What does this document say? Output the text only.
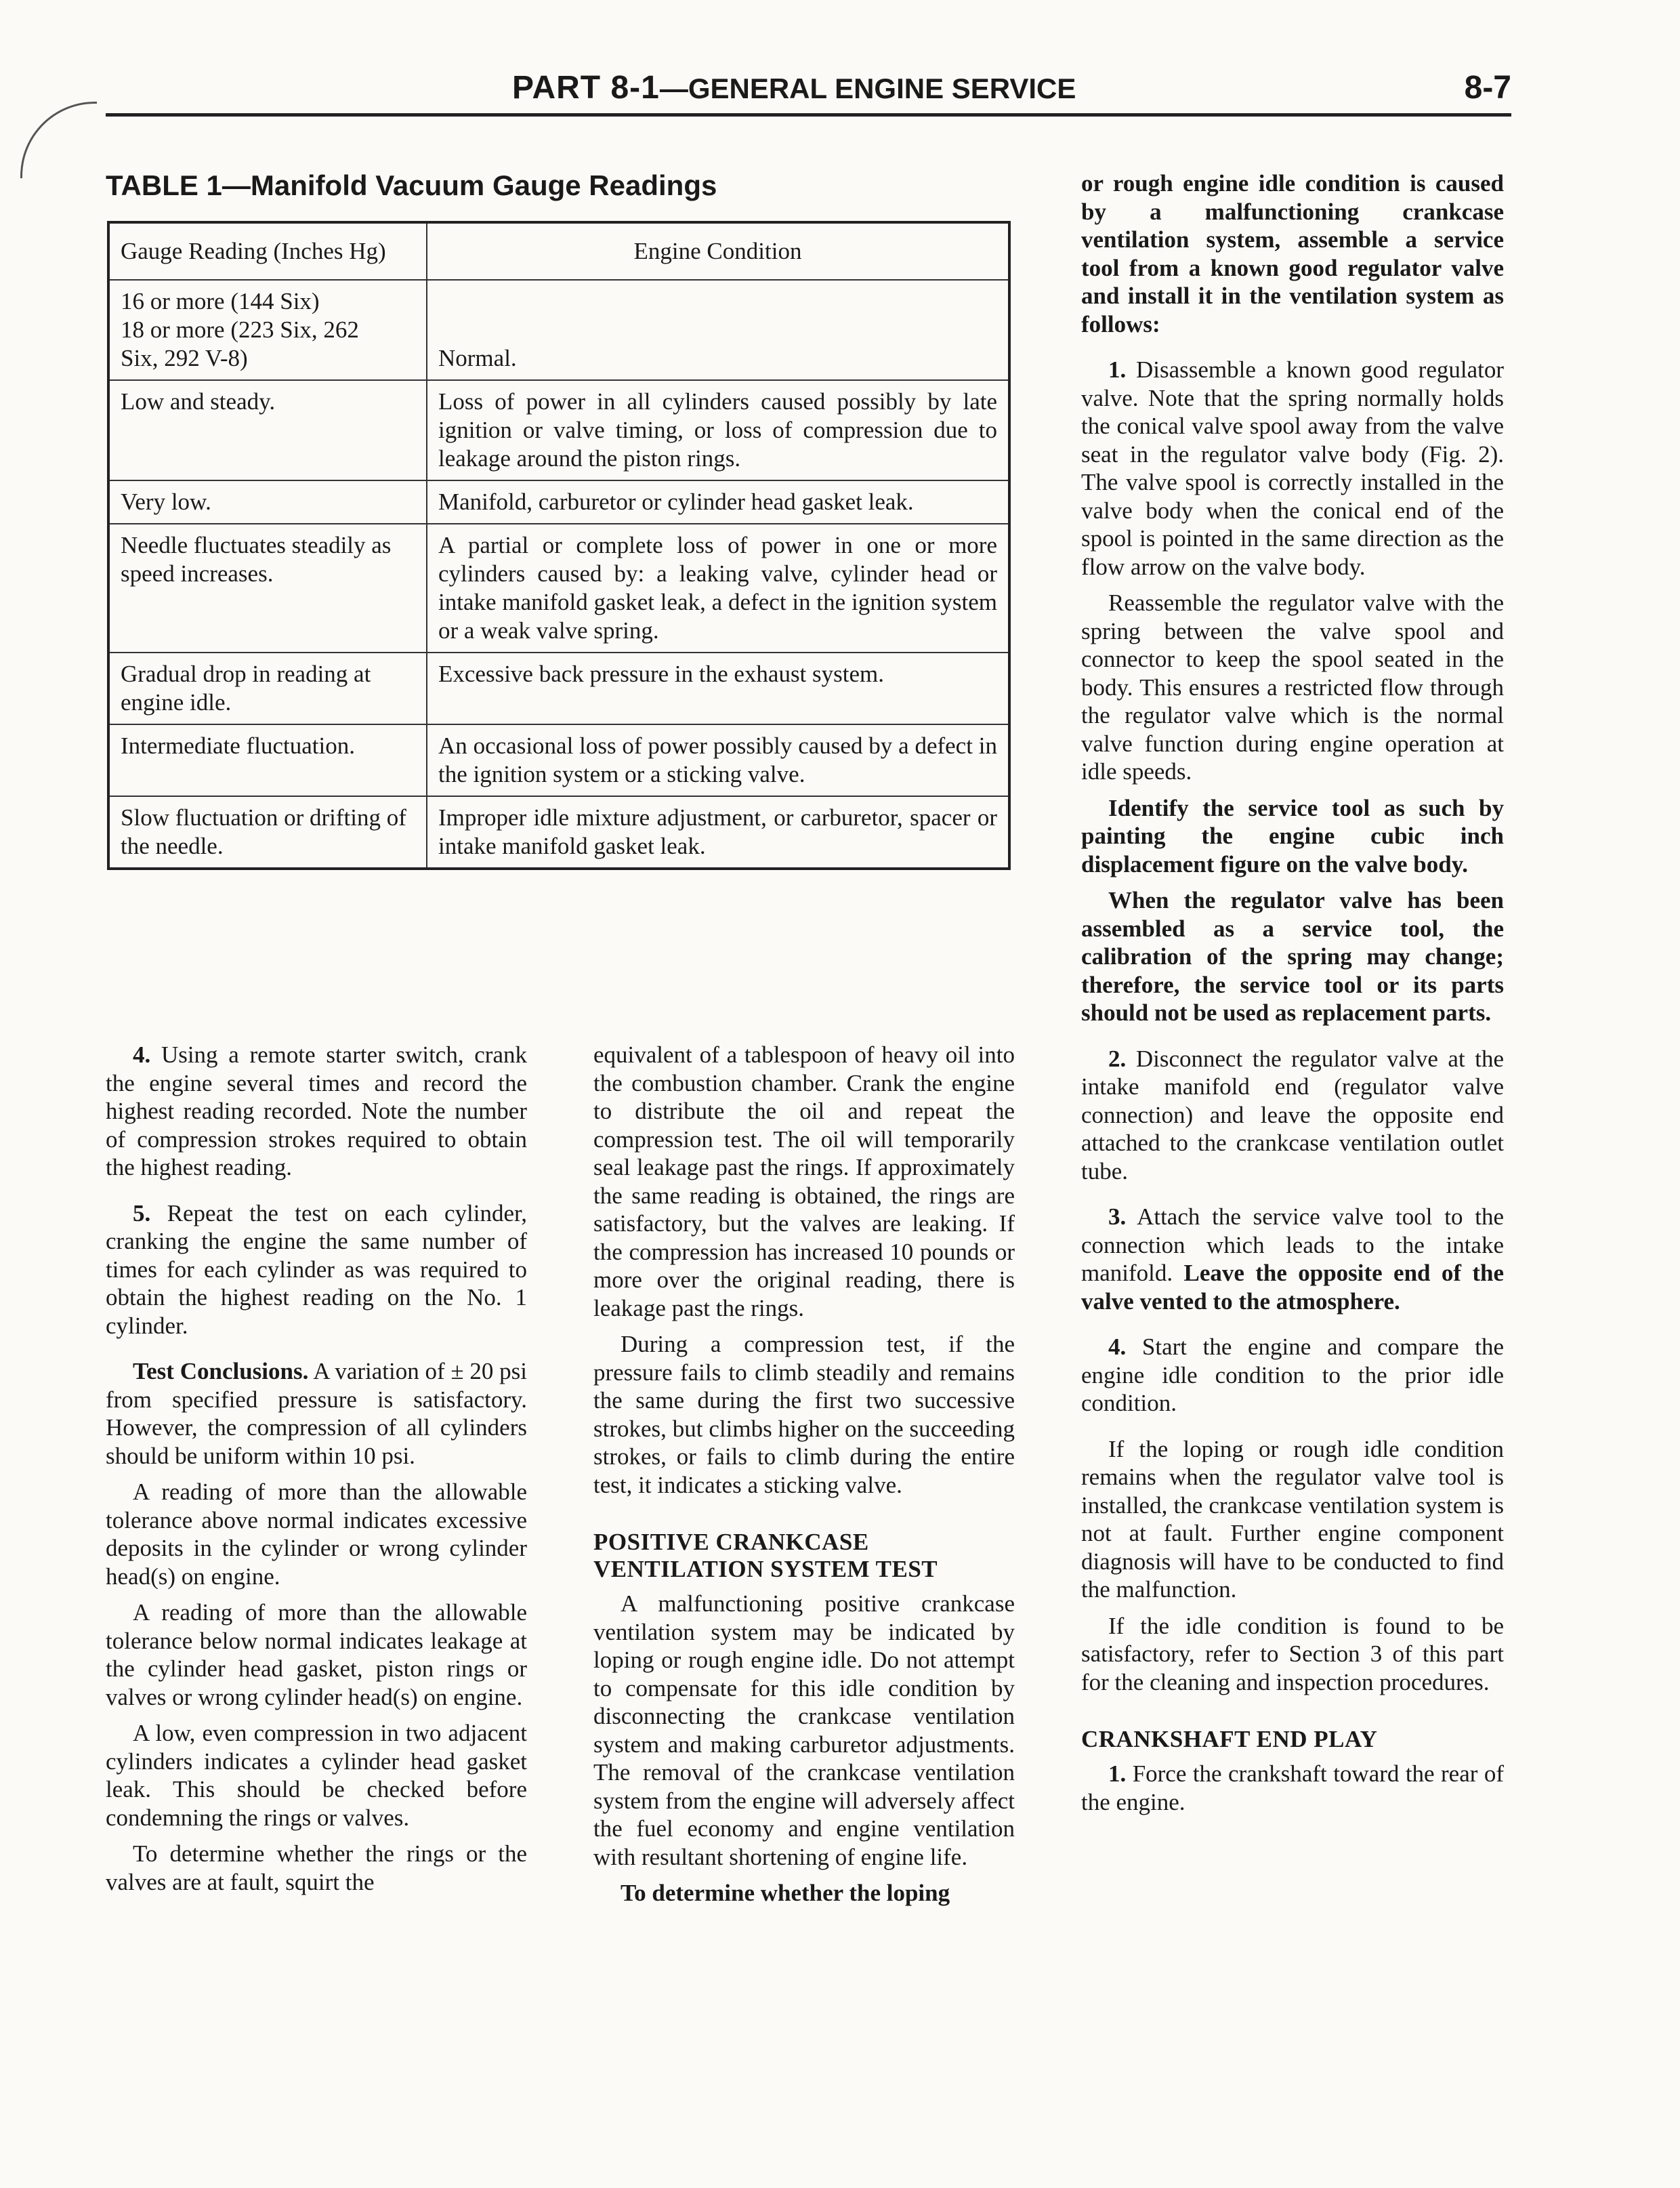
PART 8-1—GENERAL ENGINE SERVICE	8-7
TABLE 1—Manifold Vacuum Gauge Readings
Gauge Reading (Inches Hg)	Engine Condition

16 or more (144 Six)
18 or more (223 Six, 262
Six, 292 V-8)	Normal.
Low and steady.	Loss of power in all cylinders caused possibly by late ignition or valve timing, or loss of compression due to leakage around the piston rings.
Very low.	Manifold, carburetor or cylinder head gasket leak.
Needle fluctuates steadily as speed increases.	A partial or complete loss of power in one or more cylinders caused by: a leaking valve, cylinder head or intake manifold gasket leak, a defect in the ignition system or a weak valve spring.
Gradual drop in reading at engine idle.	Excessive back pressure in the exhaust system.
Intermediate fluctuation.	An occasional loss of power possibly caused by a defect in the ignition system or a sticking valve.
Slow fluctuation or drifting of the needle.	Improper idle mixture adjustment, or carburetor, spacer or intake manifold gasket leak.

4. Using a remote starter switch, crank the engine several times and record the highest reading recorded. Note the number of compression strokes required to obtain the highest reading.

5. Repeat the test on each cylinder, cranking the engine the same number of times for each cylinder as was required to obtain the highest reading on the No. 1 cylinder.

Test Conclusions. A variation of ± 20 psi from specified pressure is satisfactory. However, the compression of all cylinders should be uniform within 10 psi.

A reading of more than the allowable tolerance above normal indicates excessive deposits in the cylinder or wrong cylinder head(s) on engine.

A reading of more than the allowable tolerance below normal indicates leakage at the cylinder head gasket, piston rings or valves or wrong cylinder head(s) on engine.

A low, even compression in two adjacent cylinders indicates a cylinder head gasket leak. This should be checked before condemning the rings or valves.

To determine whether the rings or the valves are at fault, squirt the

equivalent of a tablespoon of heavy oil into the combustion chamber. Crank the engine to distribute the oil and repeat the compression test. The oil will temporarily seal leakage past the rings. If approximately the same reading is obtained, the rings are satisfactory, but the valves are leaking. If the compression has increased 10 pounds or more over the original reading, there is leakage past the rings.

During a compression test, if the pressure fails to climb steadily and remains the same during the first two successive strokes, but climbs higher on the succeeding strokes, or fails to climb during the entire test, it indicates a sticking valve.

POSITIVE CRANKCASE VENTILATION SYSTEM TEST

A malfunctioning positive crankcase ventilation system may be indicated by loping or rough engine idle. Do not attempt to compensate for this idle condition by disconnecting the crankcase ventilation system and making carburetor adjustments. The removal of the crankcase ventilation system from the engine will adversely affect the fuel economy and engine ventilation with resultant shortening of engine life.

To determine whether the loping

or rough engine idle condition is caused by a malfunctioning crankcase ventilation system, assemble a service tool from a known good regulator valve and install it in the ventilation system as follows:

1. Disassemble a known good regulator valve. Note that the spring normally holds the conical valve spool away from the valve seat in the regulator valve body (Fig. 2). The valve spool is correctly installed in the valve body when the conical end of the spool is pointed in the same direction as the flow arrow on the valve body.

Reassemble the regulator valve with the spring between the valve spool and connector to keep the spool seated in the body. This ensures a restricted flow through the regulator valve which is the normal valve function during engine operation at idle speeds.

Identify the service tool as such by painting the engine cubic inch displacement figure on the valve body.

When the regulator valve has been assembled as a service tool, the calibration of the spring may change; therefore, the service tool or its parts should not be used as replacement parts.

2. Disconnect the regulator valve at the intake manifold end (regulator valve connection) and leave the opposite end attached to the crankcase ventilation outlet tube.

3. Attach the service valve tool to the connection which leads to the intake manifold. Leave the opposite end of the valve vented to the atmosphere.

4. Start the engine and compare the engine idle condition to the prior idle condition.

If the loping or rough idle condition remains when the regulator valve tool is installed, the crankcase ventilation system is not at fault. Further engine component diagnosis will have to be conducted to find the malfunction.

If the idle condition is found to be satisfactory, refer to Section 3 of this part for the cleaning and inspection procedures.

CRANKSHAFT END PLAY

1. Force the crankshaft toward the rear of the engine.
